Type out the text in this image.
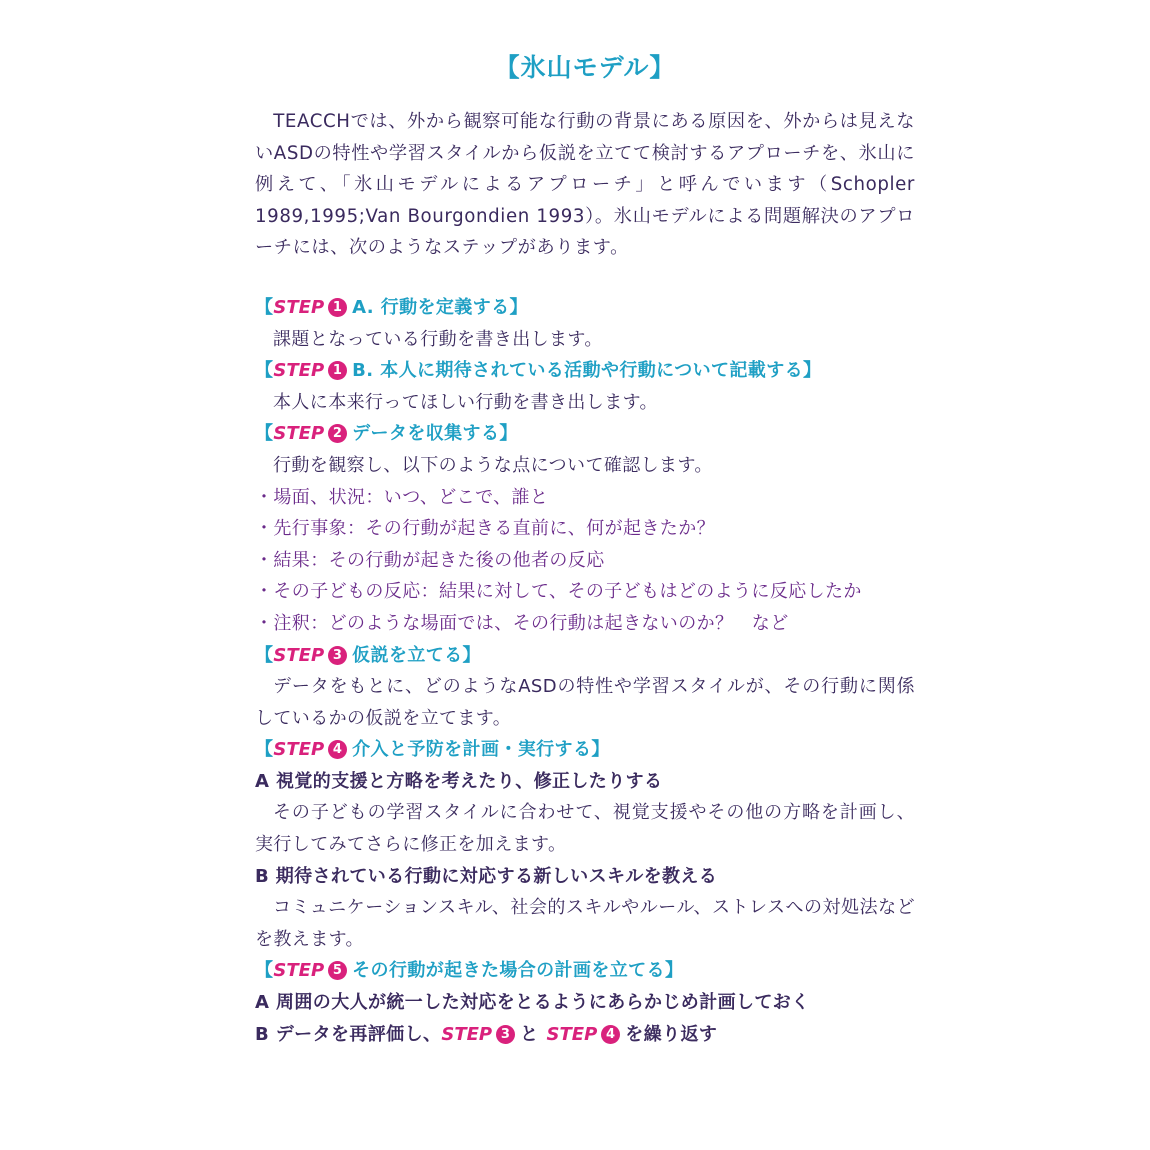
【氷山モデル】
TEACCHでは、外から観察可能な行動の背景にある原因を、外からは見えないASDの特性や学習スタイルから仮説を立てて検討するアプローチを、氷山に例えて、「氷山モデルによるアプローチ」と呼んでいます（Schopler 1989,1995;Van Bourgondien 1993）。氷山モデルによる問題解決のアプローチには、次のようなステップがあります。
【STEP 1 A. 行動を定義する】
課題となっている行動を書き出します。
【STEP 1 B. 本人に期待されている活動や行動について記載する】
本人に本来行ってほしい行動を書き出します。
【STEP 2 データを収集する】
行動を観察し、以下のような点について確認します。
・場面、状況：いつ、どこで、誰と
・先行事象：その行動が起きる直前に、何が起きたか？
・結果：その行動が起きた後の他者の反応
・その子どもの反応：結果に対して、その子どもはどのように反応したか
・注釈：どのような場面では、その行動は起きないのか？　など
【STEP 3 仮説を立てる】
データをもとに、どのようなASDの特性や学習スタイルが、その行動に関係しているかの仮説を立てます。
【STEP 4 介入と予防を計画・実行する】
A 視覚的支援と方略を考えたり、修正したりする
その子どもの学習スタイルに合わせて、視覚支援やその他の方略を計画し、実行してみてさらに修正を加えます。
B 期待されている行動に対応する新しいスキルを教える
コミュニケーションスキル、社会的スキルやルール、ストレスへの対処法などを教えます。
【STEP 5 その行動が起きた場合の計画を立てる】
A 周囲の大人が統一した対応をとるようにあらかじめ計画しておく
B データを再評価し、STEP 3 と STEP 4 を繰り返す
